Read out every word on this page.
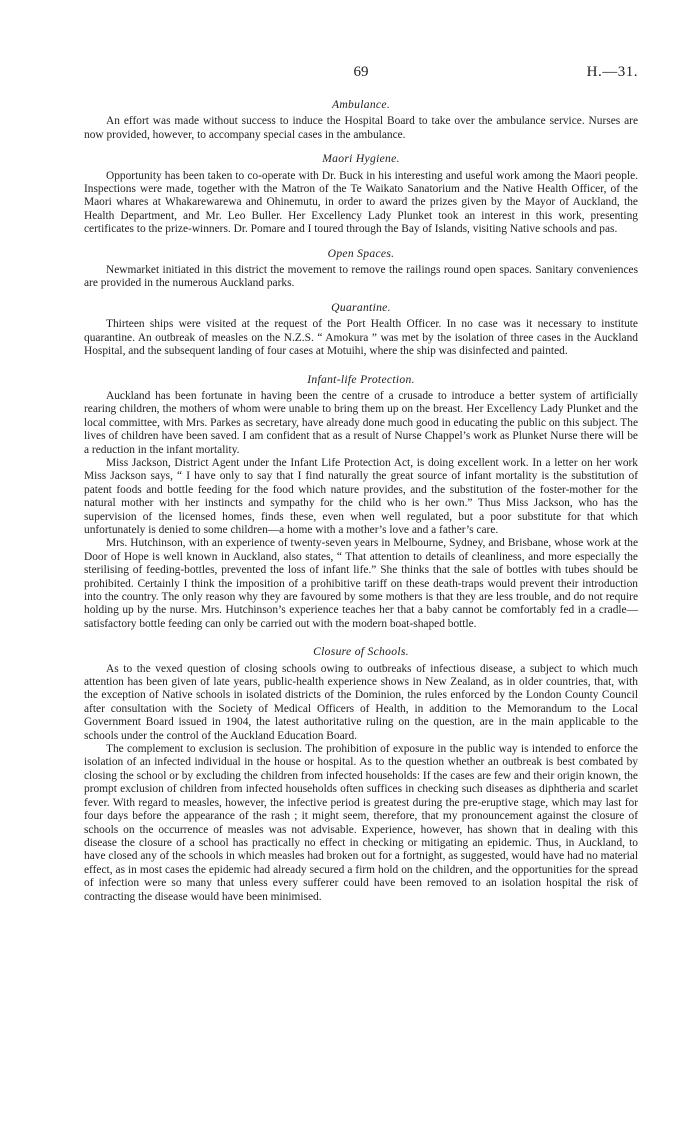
69	H.—31.
Ambulance.

An effort was made without success to induce the Hospital Board to take over the ambulance service. Nurses are now provided, however, to accompany special cases in the ambulance.

Maori Hygiene.

Opportunity has been taken to co-operate with Dr. Buck in his interesting and useful work among the Maori people. Inspections were made, together with the Matron of the Te Waikato Sanatorium and the Native Health Officer, of the Maori whares at Whakarewarewa and Ohinemutu, in order to award the prizes given by the Mayor of Auckland, the Health Department, and Mr. Leo Buller. Her Excellency Lady Plunket took an interest in this work, presenting certificates to the prize-winners. Dr. Pomare and I toured through the Bay of Islands, visiting Native schools and pas.

Open Spaces.

Newmarket initiated in this district the movement to remove the railings round open spaces. Sanitary conveniences are provided in the numerous Auckland parks.

Quarantine.

Thirteen ships were visited at the request of the Port Health Officer. In no case was it necessary to institute quarantine. An outbreak of measles on the N.Z.S. “ Amokura ” was met by the isolation of three cases in the Auckland Hospital, and the subsequent landing of four cases at Motuihi, where the ship was disinfected and painted.

Infant-life Protection.

Auckland has been fortunate in having been the centre of a crusade to introduce a better system of artificially rearing children, the mothers of whom were unable to bring them up on the breast. Her Excellency Lady Plunket and the local committee, with Mrs. Parkes as secretary, have already done much good in educating the public on this subject. The lives of children have been saved. I am confident that as a result of Nurse Chappel’s work as Plunket Nurse there will be a reduction in the infant mortality.

Miss Jackson, District Agent under the Infant Life Protection Act, is doing excellent work. In a letter on her work Miss Jackson says, “ I have only to say that I find naturally the great source of infant mortality is the substitution of patent foods and bottle feeding for the food which nature provides, and the substitution of the foster-mother for the natural mother with her instincts and sympathy for the child who is her own.” Thus Miss Jackson, who has the supervision of the licensed homes, finds these, even when well regulated, but a poor substitute for that which unfortunately is denied to some children—a home with a mother’s love and a father’s care.

Mrs. Hutchinson, with an experience of twenty-seven years in Melbourne, Sydney, and Brisbane, whose work at the Door of Hope is well known in Auckland, also states, “ That attention to details of cleanliness, and more especially the sterilising of feeding-bottles, prevented the loss of infant life.” She thinks that the sale of bottles with tubes should be prohibited. Certainly I think the imposition of a prohibitive tariff on these death-traps would prevent their introduction into the country. The only reason why they are favoured by some mothers is that they are less trouble, and do not require holding up by the nurse. Mrs. Hutchinson’s experience teaches her that a baby cannot be comfortably fed in a cradle—satisfactory bottle feeding can only be carried out with the modern boat-shaped bottle.

Closure of Schools.

As to the vexed question of closing schools owing to outbreaks of infectious disease, a subject to which much attention has been given of late years, public-health experience shows in New Zealand, as in older countries, that, with the exception of Native schools in isolated districts of the Dominion, the rules enforced by the London County Council after consultation with the Society of Medical Officers of Health, in addition to the Memorandum to the Local Government Board issued in 1904, the latest authoritative ruling on the question, are in the main applicable to the schools under the control of the Auckland Education Board.

The complement to exclusion is seclusion. The prohibition of exposure in the public way is intended to enforce the isolation of an infected individual in the house or hospital. As to the question whether an outbreak is best combated by closing the school or by excluding the children from infected households: If the cases are few and their origin known, the prompt exclusion of children from infected households often suffices in checking such diseases as diphtheria and scarlet fever. With regard to measles, however, the infective period is greatest during the pre-eruptive stage, which may last for four days before the appearance of the rash ; it might seem, therefore, that my pronouncement against the closure of schools on the occurrence of measles was not advisable. Experience, however, has shown that in dealing with this disease the closure of a school has practically no effect in checking or mitigating an epidemic. Thus, in Auckland, to have closed any of the schools in which measles had broken out for a fortnight, as suggested, would have had no material effect, as in most cases the epidemic had already secured a firm hold on the children, and the opportunities for the spread of infection were so many that unless every sufferer could have been removed to an isolation hospital the risk of contracting the disease would have been minimised.
